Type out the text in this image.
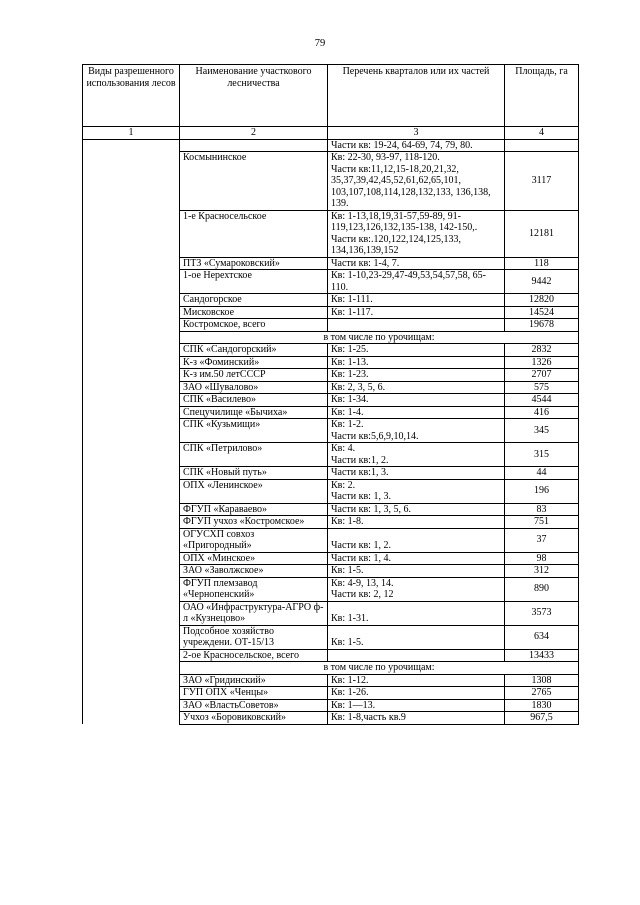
79
Виды разрешенного использования лесов	Наименование участкового лесничества	Перечень кварталов или их частей	Площадь, га
1	2	3	4

		Части кв: 19-24, 64-69, 74, 79, 80.	

	Космынинское	Кв: 22-30, 93-97, 118-120.
Части кв:11,12,15-18,20,21,32, 35,37,39,42,45,52,61,62,65,101, 103,107,108,114,128,132,133, 136,138, 139.	3117

	1-е Красносельское	Кв: 1-13,18,19,31-57,59-89, 91-119,123,126,132,135-138, 142-150,.
Части кв:.120,122,124,125,133, 134,136,139,152	12181

	ПТЗ «Сумароковский»	Части кв: 1-4, 7.	118

	1-ое Нерехтское	Кв: 1-10,23-29,47-49,53,54,57,58, 65-110.	9442

	Сандогорское	Кв: 1-111.	12820

	Мисковское	Кв: 1-117.	14524

	Костромское, всего		19678
	в том числе по урочищам:		

	СПК «Сандогорский»	Кв: 1-25.	2832

	К-з «Фоминский»	Кв: 1-13.	1326

	К-з им.50 летСССР	Кв: 1-23.	2707

	ЗАО «Шувалово»	Кв: 2, 3, 5, 6.	575

	СПК «Василево»	Кв: 1-34.	4544

	Спецучилище «Бычиха»	Кв: 1-4.	416

	СПК «Кузьмищи»	Кв: 1-2.
Части кв:5,6,9,10,14.	345

	СПК «Петрилово»	Кв: 4.
Части кв:1, 2.	315

	СПК «Новый путь»	Части кв:1, 3.	44

	ОПХ «Ленинское»	Кв: 2.
Части кв: 1, 3.	196

	ФГУП «Караваево»	Части кв: 1, 3, 5, 6.	83

	ФГУП учхоз «Костромское»	Кв: 1-8.	751

	ОГУСХП совхоз «Пригородный»	Части кв: 1, 2.	37

	ОПХ «Минское»	Части кв: 1, 4.	98

	ЗАО «Заволжское»	Кв: 1-5.	312

	ФГУП племзавод «Чернопенский»	Кв: 4-9, 13, 14.
Части кв: 2, 12	890

	ОАО «Инфраструктура-АГРО ф-л «Кузнецово»	Кв: 1-31.	3573

	Подсобное хозяйство учреждени. ОТ-15/13	Кв: 1-5.	634

	2-ое Красносельское, всего		13433
	в том числе по урочищам:		

	ЗАО «Гридинский»	Кв: 1-12.	1308

	ГУП ОПХ «Ченцы»	Кв: 1-26.	2765

	ЗАО «ВластьСоветов»	Кв: 1—13.	1830

	Учхоз «Боровиковский»	Кв: 1-8,часть кв.9	967,5
